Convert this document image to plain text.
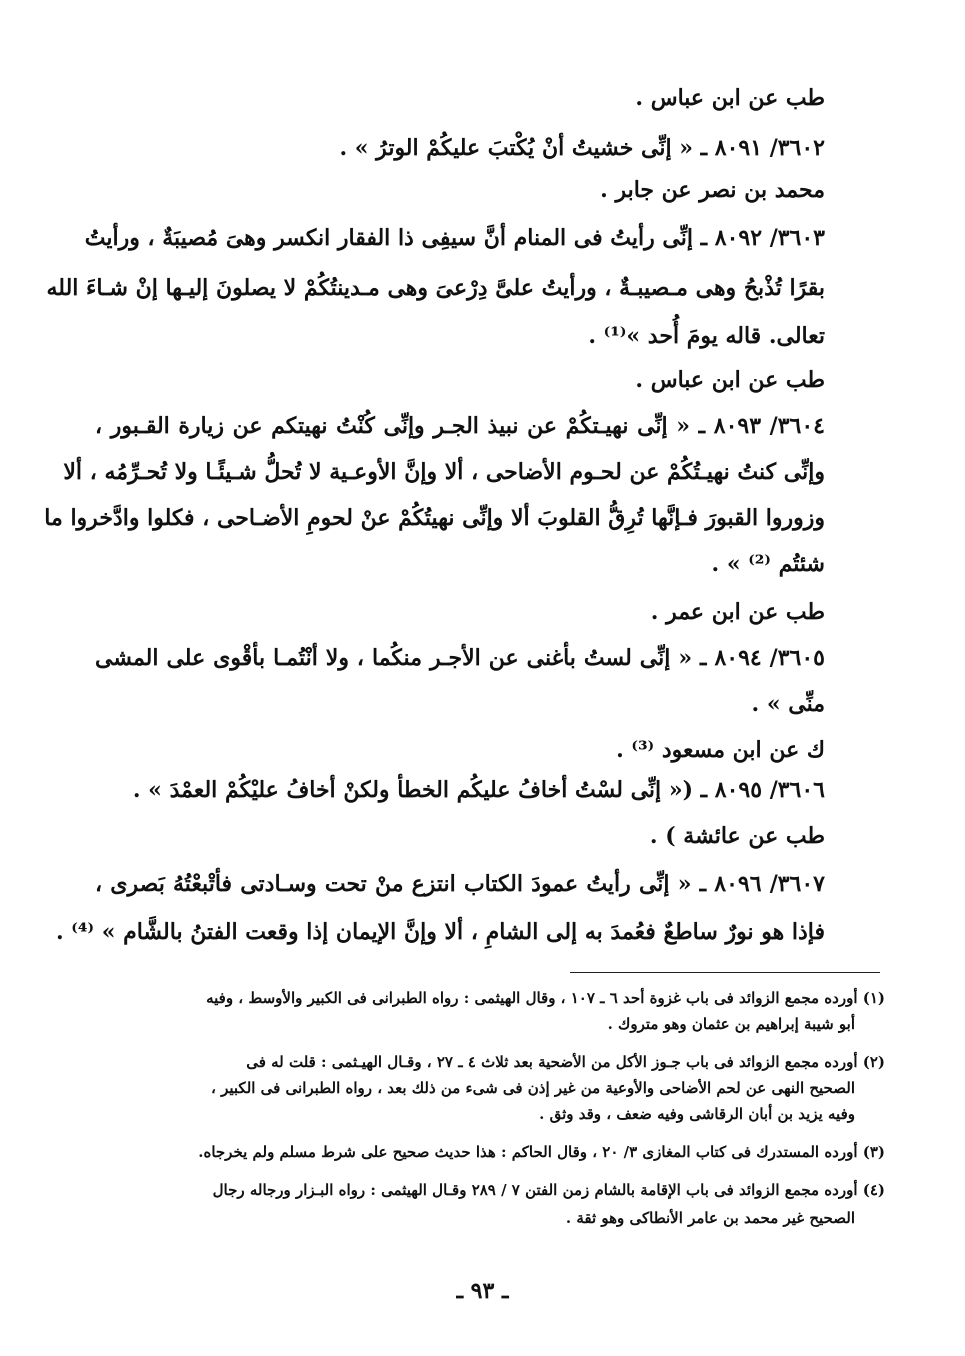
طب عن ابن عباس .
٣٦٠٢/ ٨٠٩١ ـ « إنِّى خشيتُ أنْ يُكْتبَ عليكُمْ الوترُ » .
محمد بن نصر عن جابر .
٣٦٠٣/ ٨٠٩٢ ـ إنِّى رأيتُ فى المنام أنَّ سيفِى ذا الفقار انكسر وهىَ مُصيبَةٌ ، ورأيتُ
بقرًا تُذْبحُ وهى مـصيبـةٌ ، ورأيتُ علىَّ دِرْعىَ وهى مـدينتُكُمْ لا يصلونَ إليـها إنْ شـاءَ الله
تعالى. قاله يومَ أُحد »⁽¹⁾ .
طب عن ابن عباس .
٣٦٠٤/ ٨٠٩٣ ـ « إنِّى نهيـتكُمْ عن نبيذ الجـر وإنِّى كُنْتُ نهيتكم عن زيارة القـبور ،
وإنِّى كنتُ نهيـتُكُمْ عن لحـوم الأضاحى ، ألا وإنَّ الأوعـية لا تُحلُّ شـيئًـا ولا تُحـرِّمُه ، ألا
وزوروا القبورَ فـإنَّها تُرِقُّ القلوبَ ألا وإنِّى نهيتُكُمْ عنْ لحومِ الأضـاحى ، فكلوا وادَّخروا ما
شئتُم ⁽²⁾ » .
طب عن ابن عمر .
٣٦٠٥/ ٨٠٩٤ ـ « إنِّى لستُ بأغنى عن الأجـر منكُما ، ولا أنْتُمـا بأقْوى على المشى
منِّى » .
ك عن ابن مسعود ⁽³⁾ .
٣٦٠٦/ ٨٠٩٥ ـ (« إنِّى لسْتُ أخافُ عليكُم الخطأ ولكنْ أخافُ عليْكُمْ العمْدَ » .
طب عن عائشة ) .
٣٦٠٧/ ٨٠٩٦ ـ « إنِّى رأيتُ عمودَ الكتاب انتزع منْ تحت وسـادتى فأتْبعْتُهُ بَصرى ،
فإذا هو نورٌ ساطعٌ فعُمدَ به إلى الشامِ ، ألا وإنَّ الإيمان إذا وقعت الفتنُ بالشَّام » ⁽⁴⁾ .
(١) أورده مجمع الزوائد فى باب غزوة أحد ٦ ـ ١٠٧ ، وقال الهيثمى : رواه الطبرانى فى الكبير والأوسط ، وفيه
أبو شيبة إبراهيم بن عثمان وهو متروك .
(٢) أورده مجمع الزوائد فى باب جـوز الأكل من الأضحية بعد ثلاث ٤ ـ ٢٧ ، وقـال الهيـثمى : قلت له فى
الصحيح النهى عن لحم الأضاحى والأوعية من غير إذن فى شىء من ذلك بعد ، رواه الطبرانى فى الكبير ،
وفيه يزيد بن أبان الرقاشى وفيه ضعف ، وقد وثق .
(٣) أورده المستدرك فى كتاب المغازى ٣/ ٢٠ ، وقال الحاكم : هذا حديث صحيح على شرط مسلم ولم يخرجاه.
(٤) أورده مجمع الزوائد فى باب الإقامة بالشام زمن الفتن ٧ / ٢٨٩ وقـال الهيثمى : رواه البـزار ورجاله رجال
الصحيح غير محمد بن عامر الأنطاكى وهو ثقة .
ـ ٩٣ ـ
